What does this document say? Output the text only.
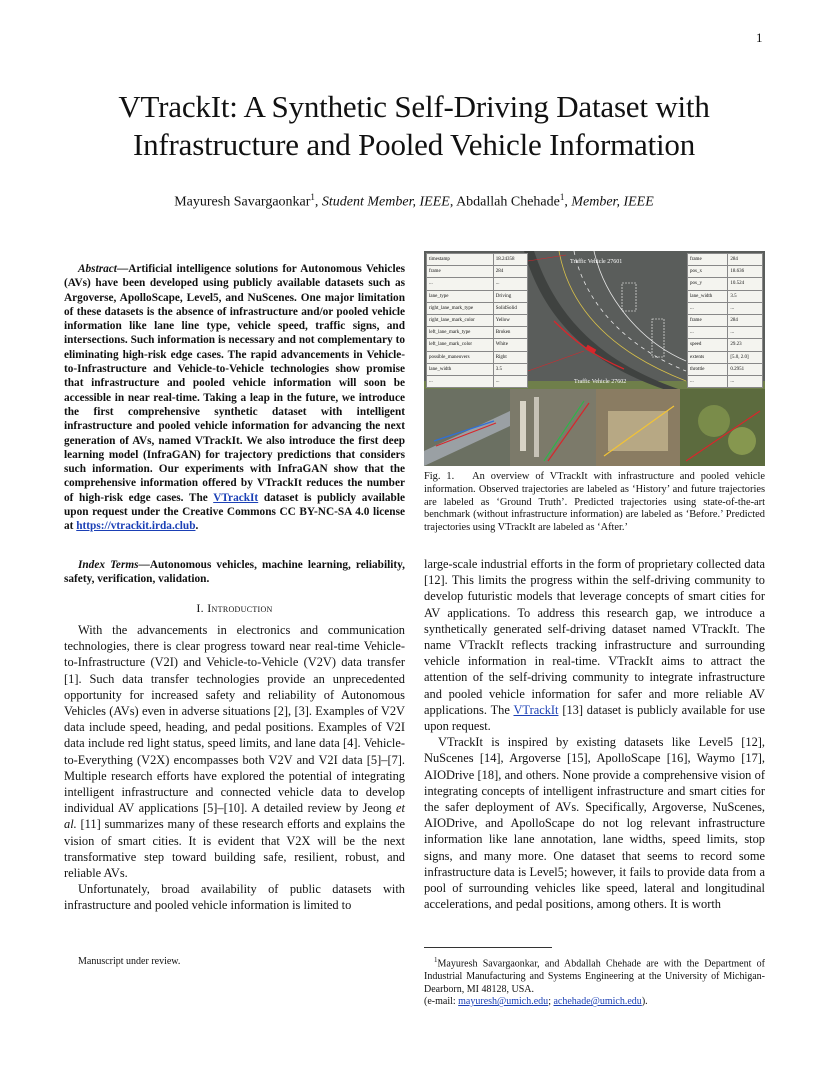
1
VTrackIt: A Synthetic Self-Driving Dataset with Infrastructure and Pooled Vehicle Information
Mayuresh Savargaonkar$^1$, Student Member, IEEE, Abdallah Chehade$^1$, Member, IEEE
Abstract—Artificial intelligence solutions for Autonomous Vehicles (AVs) have been developed using publicly available datasets such as Argoverse, ApolloScape, Level5, and NuScenes. One major limitation of these datasets is the absence of infrastructure and/or pooled vehicle information like lane line type, vehicle speed, traffic signs, and intersections. Such information is necessary and not complementary to eliminating high-risk edge cases. The rapid advancements in Vehicle-to-Infrastructure and Vehicle-to-Vehicle technologies show promise that infrastructure and pooled vehicle information will soon be accessible in near real-time. Taking a leap in the future, we introduce the first comprehensive synthetic dataset with intelligent infrastructure and pooled vehicle information for advancing the next generation of AVs, named VTrackIt. We also introduce the first deep learning model (InfraGAN) for trajectory predictions that considers such information. Our experiments with InfraGAN show that the comprehensive information offered by VTrackIt reduces the number of high-risk edge cases. The VTrackIt dataset is publicly available upon request under the Creative Commons CC BY-NC-SA 4.0 license at https://vtrackit.irda.club.
timestamp	18.24358
frame	284
...	...
lane_type	Driving
right_lane_mark_type	SolidSolid
right_lane_mark_color	Yellow
left_lane_mark_type	Broken
left_lane_mark_color	White
possible_maneuvers	Right
lane_width	3.5
...	...
frame	284
pos_x	18.636
pos_y	10.524
lane_width	3.5
...	...
frame	284
...	...
speed	29.23
extents	[5.0, 2.0]
throttle	0.2951
...	...
Traffic Vehicle 27601
Traffic Vehicle 27602
Fig. 1. An overview of VTrackIt with infrastructure and pooled vehicle information. Observed trajectories are labeled as ‘History’ and future trajectories are labeled as ‘Ground Truth’. Predicted trajectories using state-of-the-art benchmark (without infrastructure information) are labeled as ‘Before.’ Predicted trajectories using VTrackIt are labeled as ‘After.’
Index Terms—Autonomous vehicles, machine learning, reliability, safety, verification, validation.
I. Introduction

With the advancements in electronics and communication technologies, there is clear progress toward near real-time Vehicle-to-Infrastructure (V2I) and Vehicle-to-Vehicle (V2V) data transfer [1]. Such data transfer technologies provide an unprecedented opportunity for increased safety and reliability of Autonomous Vehicles (AVs) even in adverse situations [2], [3]. Examples of V2V data include speed, heading, and pedal positions. Examples of V2I data include red light status, speed limits, and lane data [4]. Vehicle-to-Everything (V2X) encompasses both V2V and V2I data [5]–[7]. Multiple research efforts have explored the potential of integrating intelligent infrastructure and connected vehicle data to develop individual AV applications [5]–[10]. A detailed review by Jeong et al. [11] summarizes many of these research efforts and explains the vision of smart cities. It is evident that V2X will be the next transformative step toward building safe, resilient, robust, and reliable AVs.

Unfortunately, broad availability of public datasets with infrastructure and pooled vehicle information is limited to

large-scale industrial efforts in the form of proprietary collected data [12]. This limits the progress within the self-driving community to develop futuristic models that leverage concepts of smart cities for AV applications. To address this research gap, we introduce a synthetically generated self-driving dataset named VTrackIt. The name VTrackIt reflects tracking infrastructure and surrounding vehicle information in real-time. VTrackIt aims to attract the attention of the self-driving community to integrate infrastructure and pooled vehicle information for safer and more reliable AV applications. The VTrackIt [13] dataset is publicly available for use upon request.

VTrackIt is inspired by existing datasets like Level5 [12], NuScenes [14], Argoverse [15], ApolloScape [16], Waymo [17], AIODrive [18], and others. None provide a comprehensive vision of integrating concepts of intelligent infrastructure and smart cities for the safer deployment of AVs. Specifically, Argoverse, NuScenes, AIODrive, and ApolloScape do not log relevant infrastructure information like lane annotation, lane widths, speed limits, stop signs, and many more. One dataset that seems to record some infrastructure data is Level5; however, it fails to provide data from a pool of surrounding vehicles like speed, lateral and longitudinal accelerations, and pedal positions, among others. It is worth

Manuscript under review.	$^1$Mayuresh Savargaonkar, and Abdallah Chehade are with the Department of Industrial Manufacturing and Systems Engineering at the University of Michigan-Dearborn, MI 48128, USA.
(e-mail: mayuresh@umich.edu; achehade@umich.edu).
